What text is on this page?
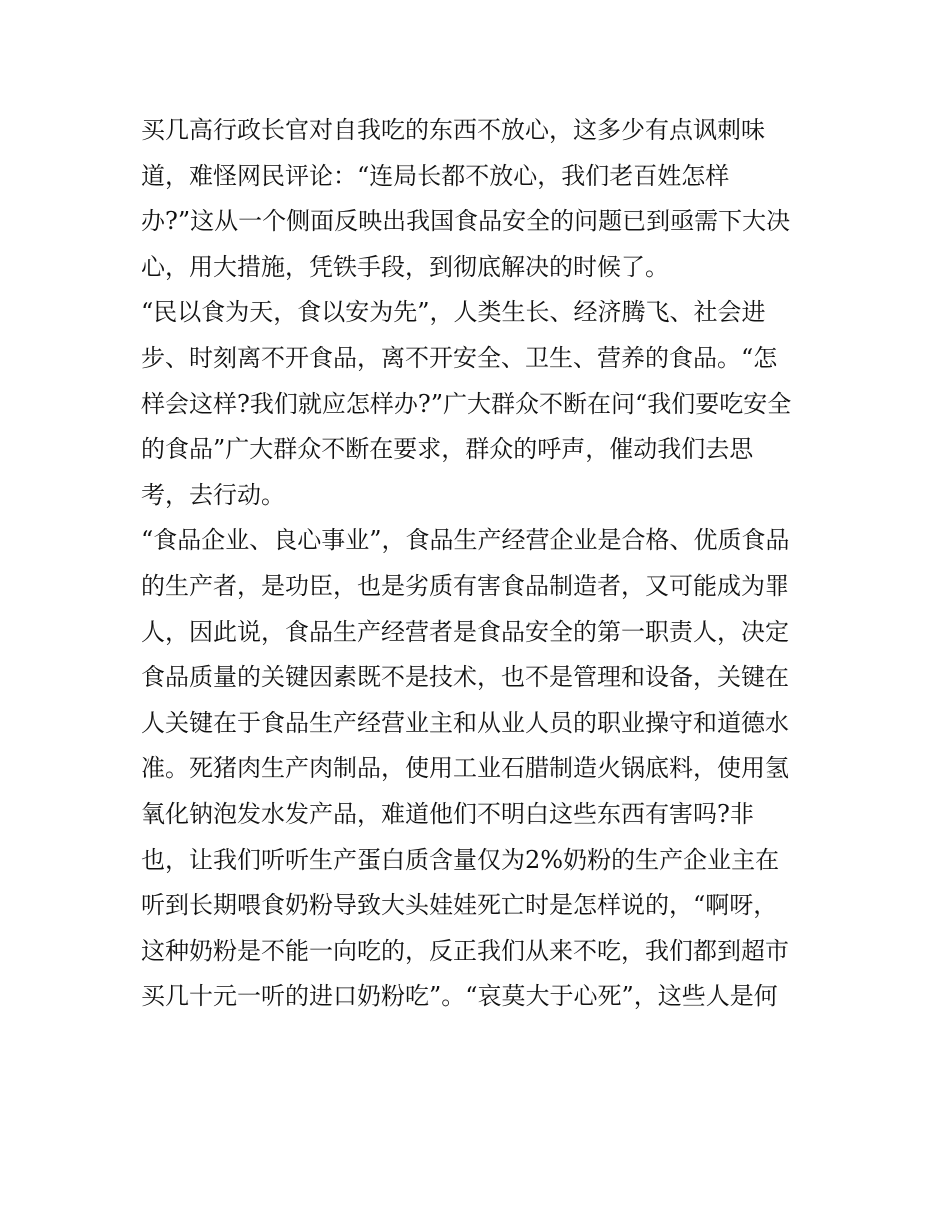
买几高行政长官对自我吃的东西不放心，这多少有点讽刺味
道，难怪网民评论：“连局长都不放心，我们老百姓怎样
办?”这从一个侧面反映出我国食品安全的问题已到亟需下大决
心，用大措施，凭铁手段，到彻底解决的时候了。
“民以食为天，食以安为先”，人类生长、经济腾飞、社会进
步、时刻离不开食品，离不开安全、卫生、营养的食品。“怎
样会这样?我们就应怎样办?”广大群众不断在问“我们要吃安全
的食品”广大群众不断在要求，群众的呼声，催动我们去思
考，去行动。
“食品企业、良心事业”，食品生产经营企业是合格、优质食品
的生产者，是功臣，也是劣质有害食品制造者，又可能成为罪
人，因此说，食品生产经营者是食品安全的第一职责人，决定
食品质量的关键因素既不是技术，也不是管理和设备，关键在
人关键在于食品生产经营业主和从业人员的职业操守和道德水
准。死猪肉生产肉制品，使用工业石腊制造火锅底料，使用氢
氧化钠泡发水发产品，难道他们不明白这些东西有害吗?非
也，让我们听听生产蛋白质含量仅为2%奶粉的生产企业主在
听到长期喂食奶粉导致大头娃娃死亡时是怎样说的，“啊呀，
这种奶粉是不能一向吃的，反正我们从来不吃，我们都到超市
买几十元一听的进口奶粉吃”。“哀莫大于心死”，这些人是何
